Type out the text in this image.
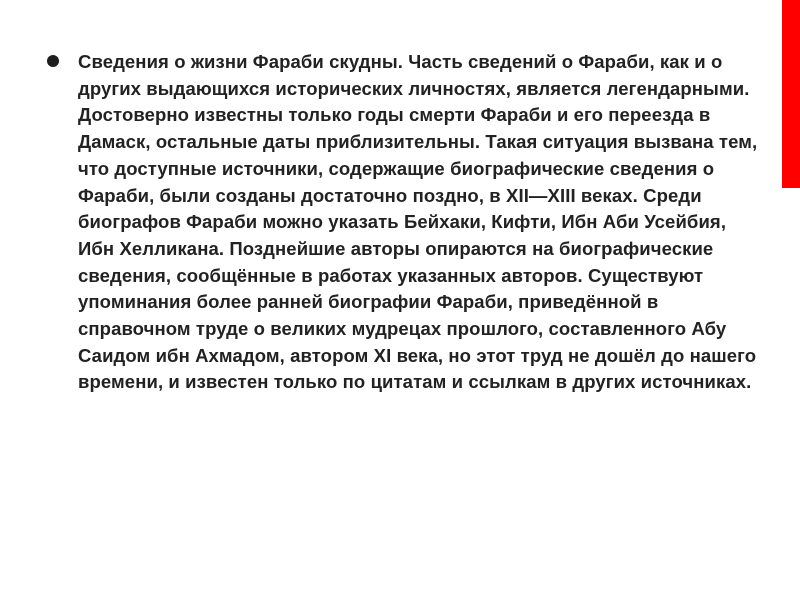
Сведения о жизни Фараби скудны. Часть сведений о Фараби, как и о других выдающихся исторических личностях, является легендарными. Достоверно известны только годы смерти Фараби и его переезда в Дамаск, остальные даты приблизительны. Такая ситуация вызвана тем, что доступные источники, содержащие биографические сведения о Фараби, были созданы достаточно поздно, в XII—XIII веках. Среди биографов Фараби можно указать Бейхаки, Кифти, Ибн Аби Усейбия, Ибн Хелликана. Позднейшие авторы опираются на биографические сведения, сообщённые в работах указанных авторов. Существуют упоминания более ранней биографии Фараби, приведённой в справочном труде о великих мудрецах прошлого, составленного Абу Саидом ибн Ахмадом, автором XI века, но этот труд не дошёл до нашего времени, и известен только по цитатам и ссылкам в других источниках.
